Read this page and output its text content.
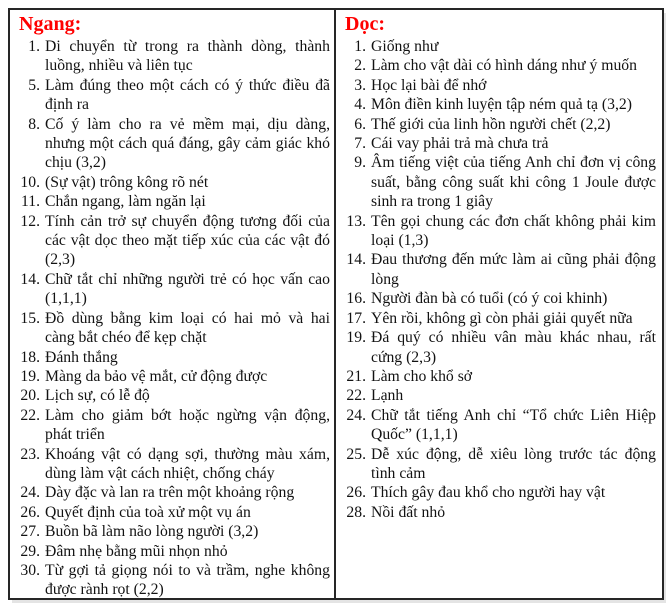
Ngang:
1. Di chuyển từ trong ra thành dòng, thành luồng, nhiều và liên tục
5. Làm đúng theo một cách có ý thức điều đã định ra
8. Cố ý làm cho ra vẻ mềm mại, dịu dàng, nhưng một cách quá đáng, gây cảm giác khó chịu (3,2)
10. (Sự vật) trông kông rõ nét
11. Chắn ngang, làm ngăn lại
12. Tính cản trở sự chuyển động tương đối của các vật dọc theo mặt tiếp xúc của các vật đó (2,3)
14. Chữ tắt chỉ những người trẻ có học vấn cao (1,1,1)
15. Đồ dùng bằng kim loại có hai mỏ và hai càng bắt chéo để kẹp chặt
18. Đánh thắng
19. Màng da bảo vệ mắt, cử động được
20. Lịch sự, có lễ độ
22. Làm cho giảm bớt hoặc ngừng vận động, phát triển
23. Khoáng vật có dạng sợi, thường màu xám, dùng làm vật cách nhiệt, chống cháy
24. Dày đặc và lan ra trên một khoảng rộng
26. Quyết định của toà xử một vụ án
27. Buồn bã làm não lòng người (3,2)
29. Đâm nhẹ bằng mũi nhọn nhỏ
30. Từ gợi tả giọng nói to và trầm, nghe không được rành rọt (2,2)
Dọc:
1. Giống như
2. Làm cho vật dài có hình dáng như ý muốn
3. Học lại bài để nhớ
4. Môn điền kinh luyện tập ném quả tạ (3,2)
6. Thế giới của linh hồn người chết (2,2)
7. Cái vay phải trả mà chưa trả
9. Âm tiếng việt của tiếng Anh chỉ đơn vị công suất, bằng công suất khi công 1 Joule được sinh ra trong 1 giây
13. Tên gọi chung các đơn chất không phải kim loại (1,3)
14. Đau thương đến mức làm ai cũng phải động lòng
16. Người đàn bà có tuổi (có ý coi khinh)
17. Yên rồi, không gì còn phải giải quyết nữa
19. Đá quý có nhiều vân màu khác nhau, rất cứng (2,3)
21. Làm cho khổ sở
22. Lạnh
24. Chữ tắt tiếng Anh chỉ “Tổ chức Liên Hiệp Quốc” (1,1,1)
25. Dễ xúc động, dễ xiêu lòng trước tác động tình cảm
26. Thích gây đau khổ cho người hay vật
28. Nồi đất nhỏ
